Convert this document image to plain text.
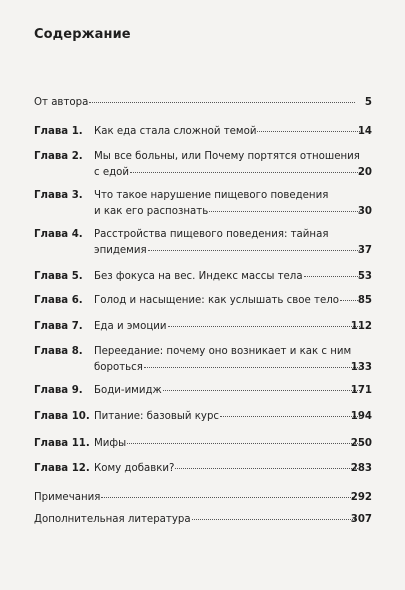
Содержание
От автора	5
Глава 1. Как еда стала сложной темой	14
Глава 2. Мы все больны, или Почему портятся отношения
с едой	20
Глава 3. Что такое нарушение пищевого поведения
и как его распознать	30
Глава 4. Расстройства пищевого поведения: тайная
эпидемия	37
Глава 5. Без фокуса на вес. Индекс массы тела	53
Глава 6. Голод и насыщение: как услышать свое тело 85
Глава 7. Еда и эмоции	112
Глава 8. Переедание: почему оно возникает и как с ним
бороться	133
Глава 9. Боди-имидж	171
Глава 10. Питание: базовый курс	194
Глава 11. Мифы	250
Глава 12. Кому добавки?	283
Примечания	292
Дополнительная литература	307
